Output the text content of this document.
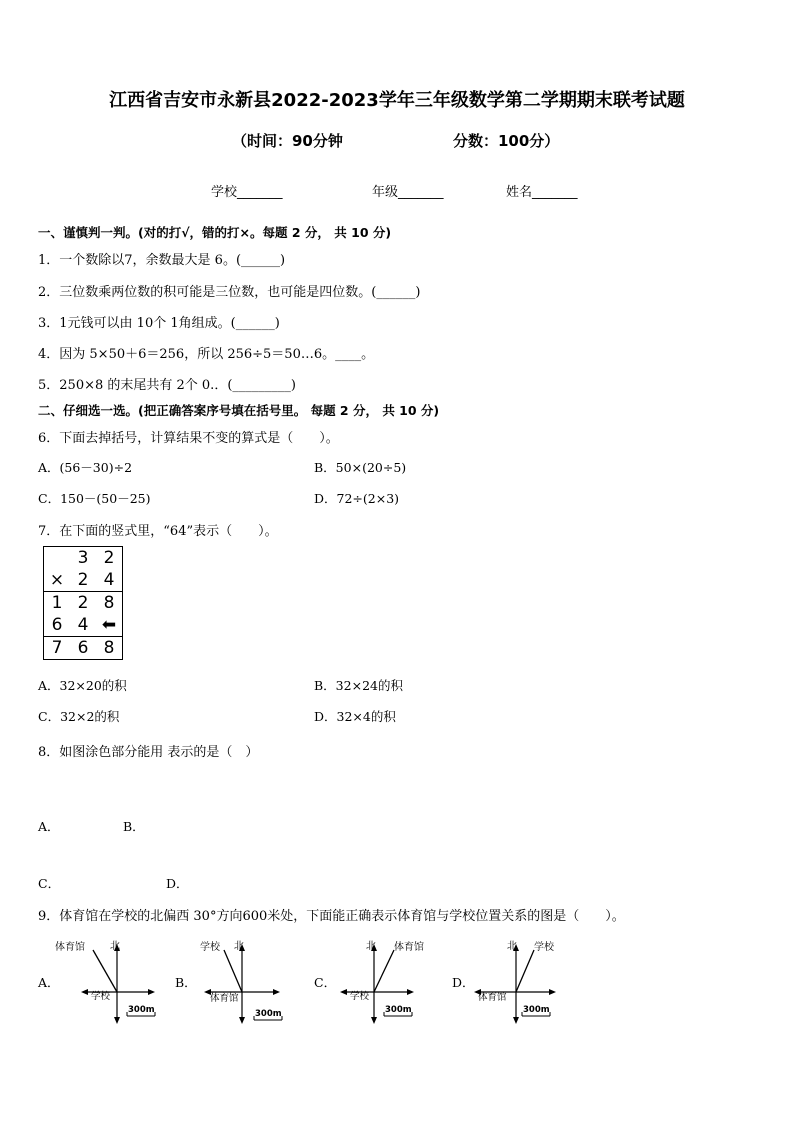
江西省吉安市永新县2022-2023学年三年级数学第二学期期末联考试题
（时间：90分钟	分数：100分）
学校_______	年级_______	姓名_______
一、谨慎判一判。(对的打√，错的打×。每题 2 分， 共 10 分)
1．一个数除以7，余数最大是 6。(______)
2．三位数乘两位数的积可能是三位数，也可能是四位数。(______)
3．1元钱可以由 10个 1角组成。(______)
4．因为 5×50＋6＝256，所以 256÷5＝50…6。____。
5．250×8 的末尾共有 2个 0.．(_________)
二、仔细选一选。(把正确答案序号填在括号里。 每题 2 分， 共 10 分)
6．下面去掉括号，计算结果不变的算式是（　　）。
A．(56－30)÷2	B．50×(20÷5)
C．150－(50－25)	D．72÷(2×3)
7．在下面的竖式里，“64”表示（　　）。
	3	2
×	2	4
1	2	8
6	4	⬅
7	6	8
A．32×20的积	B．32×24的积
C．32×2的积	D．32×4的积
8．如图涂色部分能用 表示的是（　）
A．	B．
C．	D．
9．体育馆在学校的北偏西 30°方向600米处，下面能正确表示体育馆与学校位置关系的图是（　　）。
A．	B．	C．	D．
体育馆	北
学校
300m
学校 北
体育馆
300m
体育馆
北
学校
300m
学校
北
体育馆
300m
